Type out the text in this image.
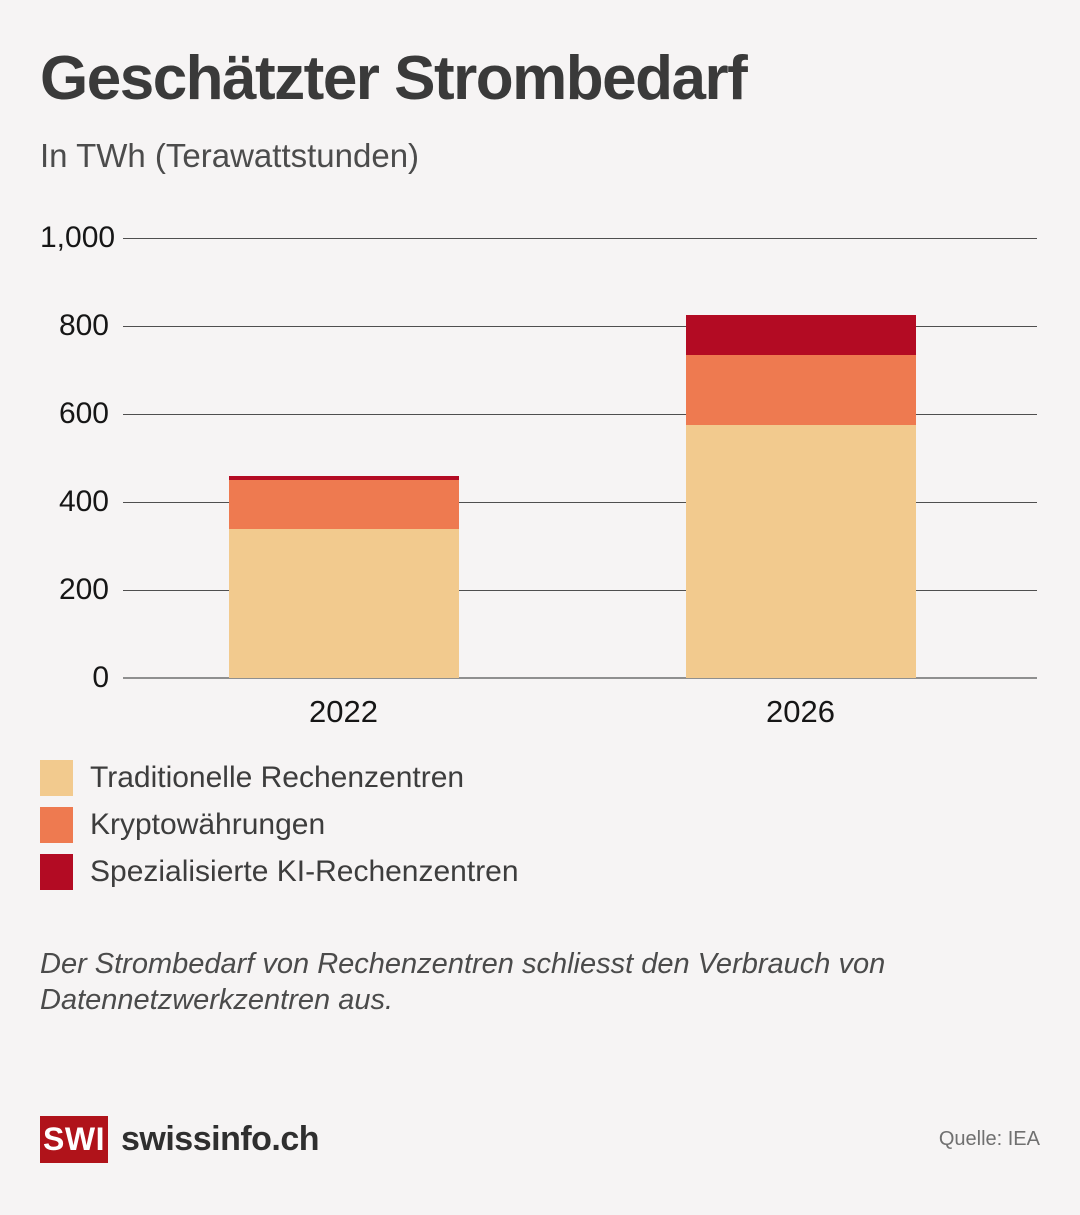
Geschätzter Strombedarf

In TWh (Terawattstunden)

0
200
400
600
800
1,000
2022	2026
Traditionelle Rechenzentren
Kryptowährungen
Spezialisierte KI-Rechenzentren

Der Strombedarf von Rechenzentren schliesst den Verbrauch von Datennetzwerkzentren aus.

SWI swissinfo.ch	Quelle: IEA
